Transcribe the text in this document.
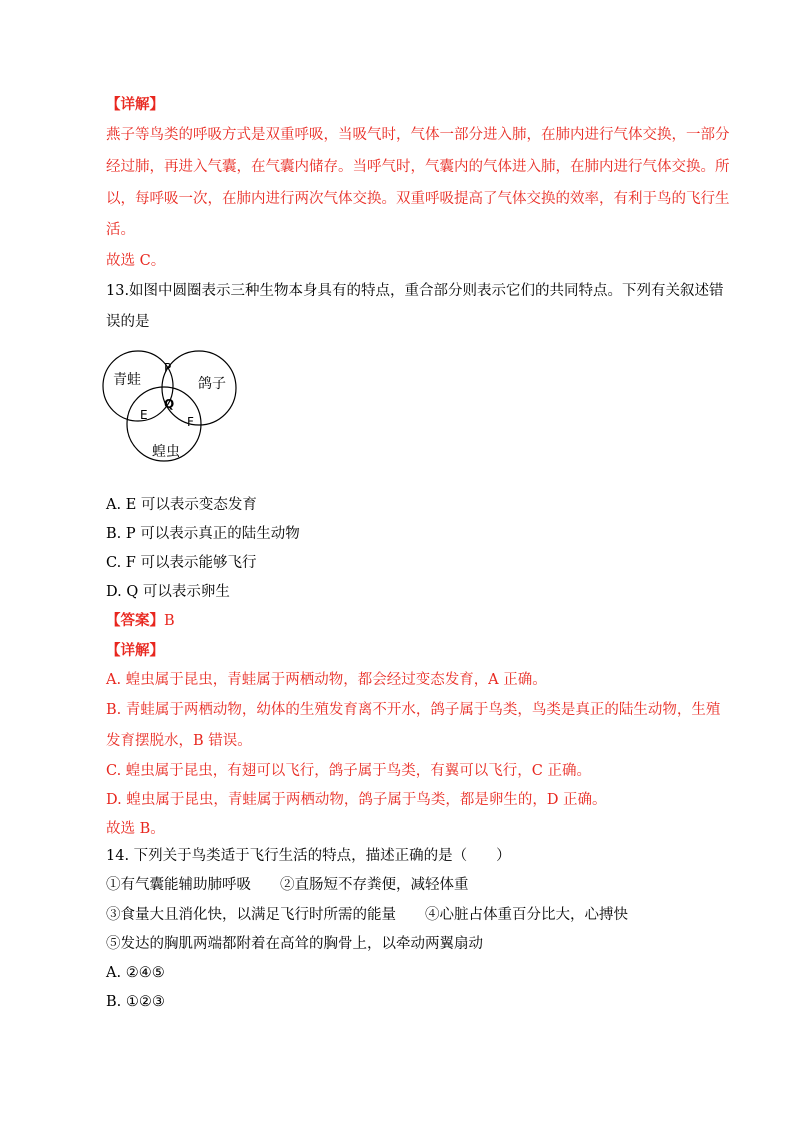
【详解】
燕子等鸟类的呼吸方式是双重呼吸，当吸气时，气体一部分进入肺，在肺内进行气体交换，一部分
经过肺，再进入气囊，在气囊内储存。当呼气时，气囊内的气体进入肺，在肺内进行气体交换。所
以，每呼吸一次，在肺内进行两次气体交换。双重呼吸提高了气体交换的效率，有利于鸟的飞行生
活。
故选 C。
13.如图中圆圈表示三种生物本身具有的特点，重合部分则表示它们的共同特点。下列有关叙述错
误的是
青蛙	鸽子
蝗虫
P
Q
E	F
A. E 可以表示变态发育
B. P 可以表示真正的陆生动物
C. F 可以表示能够飞行
D. Q 可以表示卵生
【答案】B
【详解】
A. 蝗虫属于昆虫，青蛙属于两栖动物，都会经过变态发育，A 正确。
B. 青蛙属于两栖动物，幼体的生殖发育离不开水，鸽子属于鸟类，鸟类是真正的陆生动物，生殖
发育摆脱水，B 错误。
C. 蝗虫属于昆虫，有翅可以飞行，鸽子属于鸟类，有翼可以飞行，C 正确。
D. 蝗虫属于昆虫，青蛙属于两栖动物，鸽子属于鸟类，都是卵生的，D 正确。
故选 B。
14. 下列关于鸟类适于飞行生活的特点，描述正确的是（　　）
①有气囊能辅助肺呼吸　　②直肠短不存粪便，减轻体重
③食量大且消化快，以满足飞行时所需的能量　　④心脏占体重百分比大，心搏快
⑤发达的胸肌两端都附着在高耸的胸骨上，以牵动两翼扇动
A. ②④⑤
B. ①②③
